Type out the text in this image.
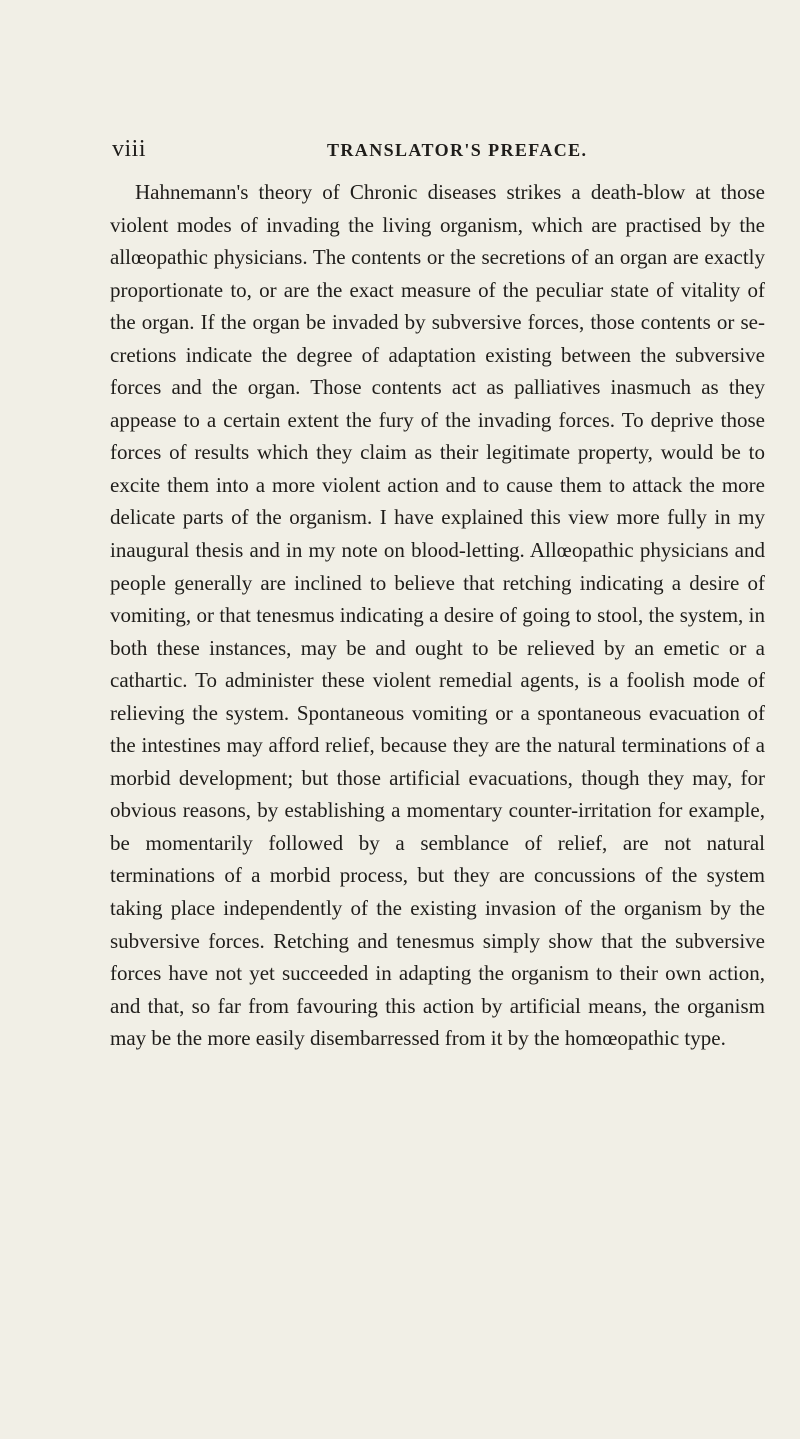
viii	TRANSLATOR'S PREFACE.

Hahnemann's theory of Chronic diseases strikes a death-blow at those violent modes of invading the living organism, which are practised by the allœopathic physicians. The contents or the secretions of an organ are exactly proportionate to, or are the exact measure of the peculiar state of vitality of the organ. If the organ be invaded by subversive forces, those contents or secretions indicate the degree of adaptation existing between the subversive forces and the organ. Those contents act as palliatives inasmuch as they appease to a certain extent the fury of the invading forces. To deprive those forces of results which they claim as their legitimate property, would be to excite them into a more violent action and to cause them to attack the more delicate parts of the organism. I have explained this view more fully in my inaugural thesis and in my note on blood-letting. Allœopathic physicians and people generally are inclined to believe that retching indicating a desire of vomiting, or that tenesmus indicating a desire of going to stool, the system, in both these instances, may be and ought to be relieved by an emetic or a cathartic. To administer these violent remedial agents, is a foolish mode of relieving the system. Spontaneous vomiting or a spontaneous evacuation of the intestines may afford relief, because they are the natural terminations of a morbid development; but those artificial evacuations, though they may, for obvious reasons, by establishing a momentary counter-irritation for example, be momentarily followed by a semblance of relief, are not natural terminations of a morbid process, but they are concussions of the system taking place independently of the existing invasion of the organism by the subversive forces. Retching and tenesmus simply show that the subversive forces have not yet succeeded in adapting the organism to their own action, and that, so far from favouring this action by artificial means, the organism may be the more easily disembarressed from it by the homœopathic type.
